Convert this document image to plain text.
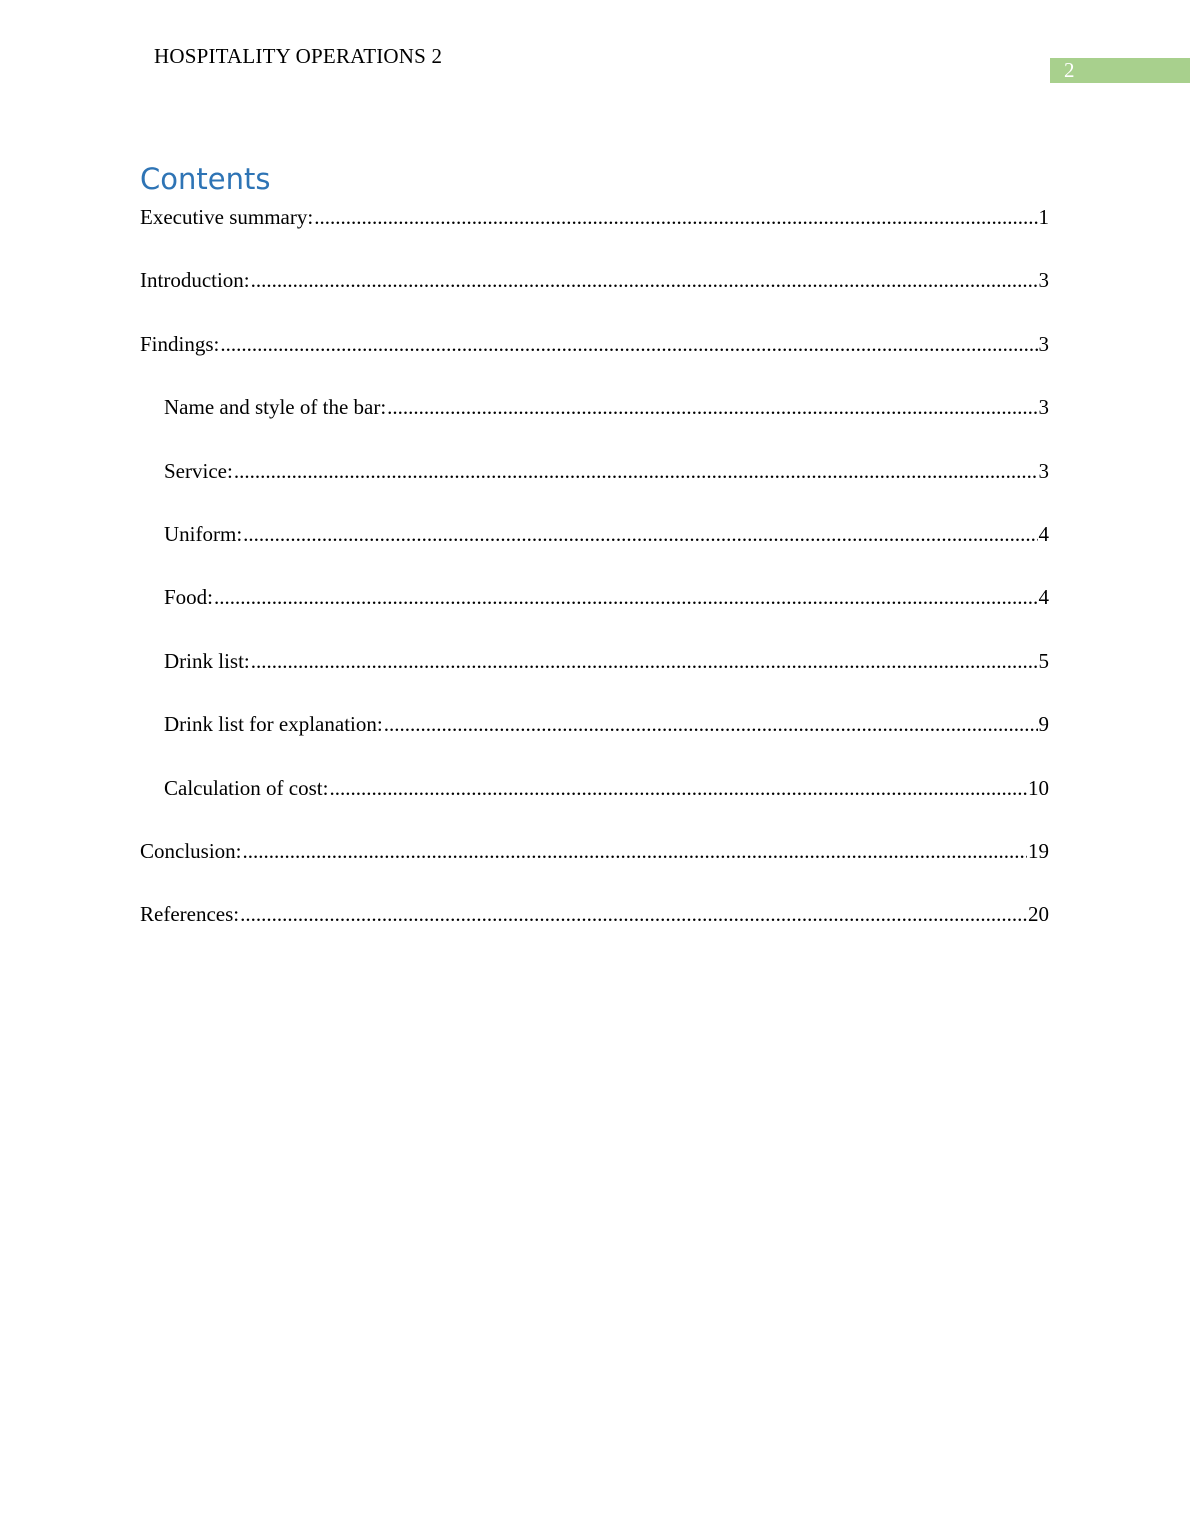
HOSPITALITY OPERATIONS 2
2
Contents
Executive summary: .....	1
Introduction: .....	3
Findings: .....	3
Name and style of the bar: .....	3
Service: .....	3
Uniform: .....	4
Food: .....	4
Drink list: .....	5
Drink list for explanation: .....	9
Calculation of cost: .....	10
Conclusion: .....	19
References: .....	20
